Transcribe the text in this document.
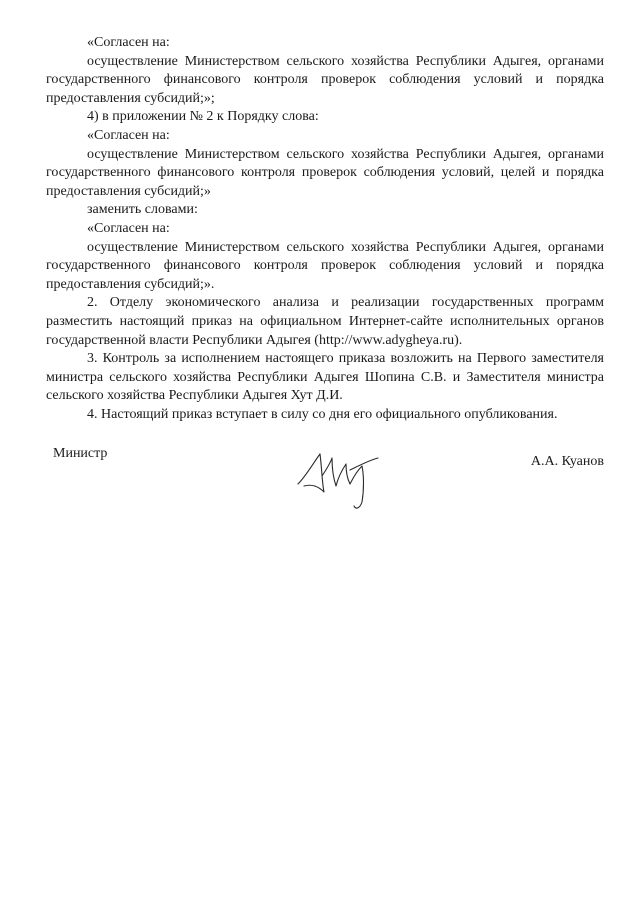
«Согласен на:

осуществление Министерством сельского хозяйства Республики Адыгея, органами государственного финансового контроля проверок соблюдения условий и порядка предоставления субсидий;»;

4) в приложении № 2 к Порядку слова:

«Согласен на:

осуществление Министерством сельского хозяйства Республики Адыгея, органами государственного финансового контроля проверок соблюдения условий, целей и порядка предоставления субсидий;»

заменить словами:

«Согласен на:

осуществление Министерством сельского хозяйства Республики Адыгея, органами государственного финансового контроля проверок соблюдения условий и порядка предоставления субсидий;».

2. Отделу экономического анализа и реализации государственных программ разместить настоящий приказ на официальном Интернет-сайте исполнительных органов государственной власти Республики Адыгея (http://www.adygheya.ru).

3. Контроль за исполнением настоящего приказа возложить на Первого заместителя министра сельского хозяйства Республики Адыгея Шопина С.В. и Заместителя министра сельского хозяйства Республики Адыгея Хут Д.И.

4. Настоящий приказ вступает в силу со дня его официального опубликования.

Министр
А.А. Куанов
